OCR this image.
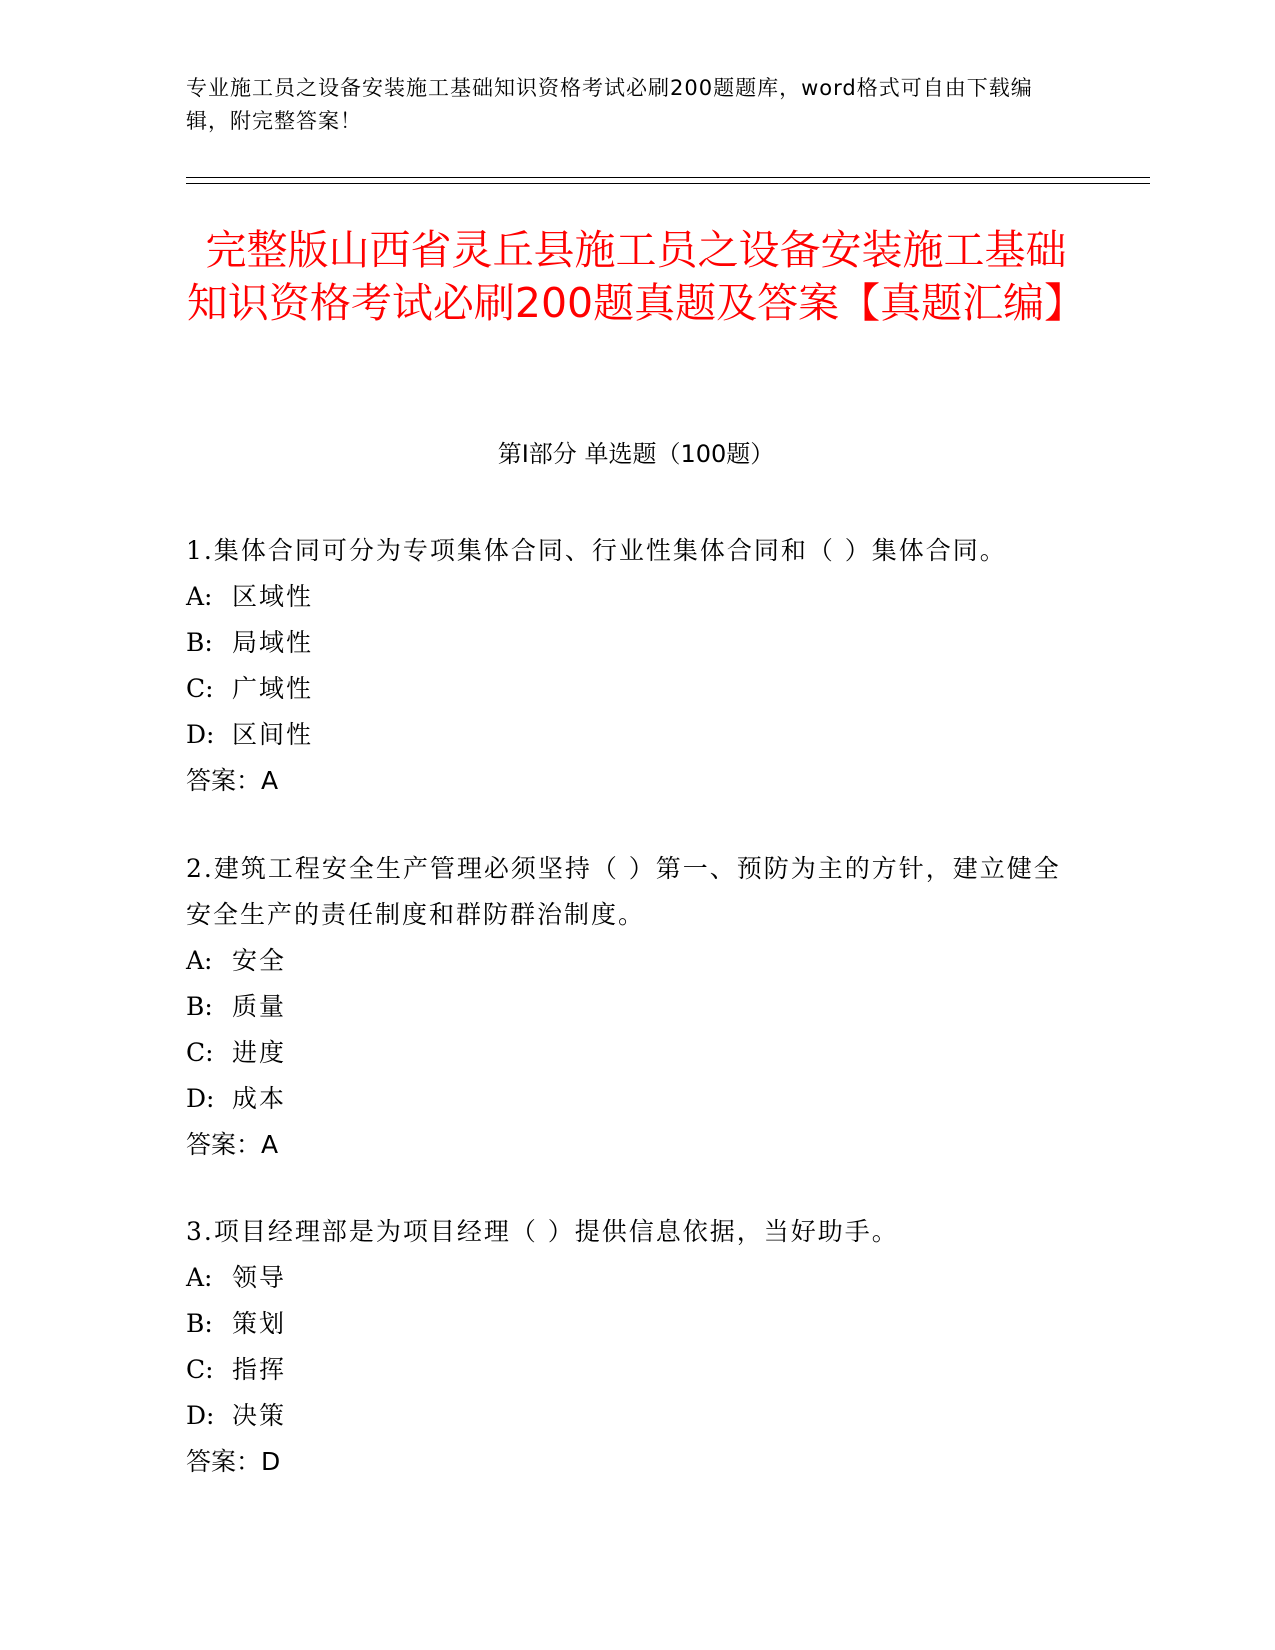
专业施工员之设备安装施工基础知识资格考试必刷200题题库，word格式可自由下载编辑，附完整答案！
完整版山西省灵丘县施工员之设备安装施工基础知识资格考试必刷200题真题及答案【真题汇编】
第I部分 单选题（100题）

1.集体合同可分为专项集体合同、行业性集体合同和（ ）集体合同。

A: 区域性

B: 局域性

C: 广域性

D: 区间性

答案：A

2.建筑工程安全生产管理必须坚持（ ）第一、预防为主的方针，建立健全安全生产的责任制度和群防群治制度。

A: 安全

B: 质量

C: 进度

D: 成本

答案：A

3.项目经理部是为项目经理（ ）提供信息依据，当好助手。

A: 领导

B: 策划

C: 指挥

D: 决策

答案：D
